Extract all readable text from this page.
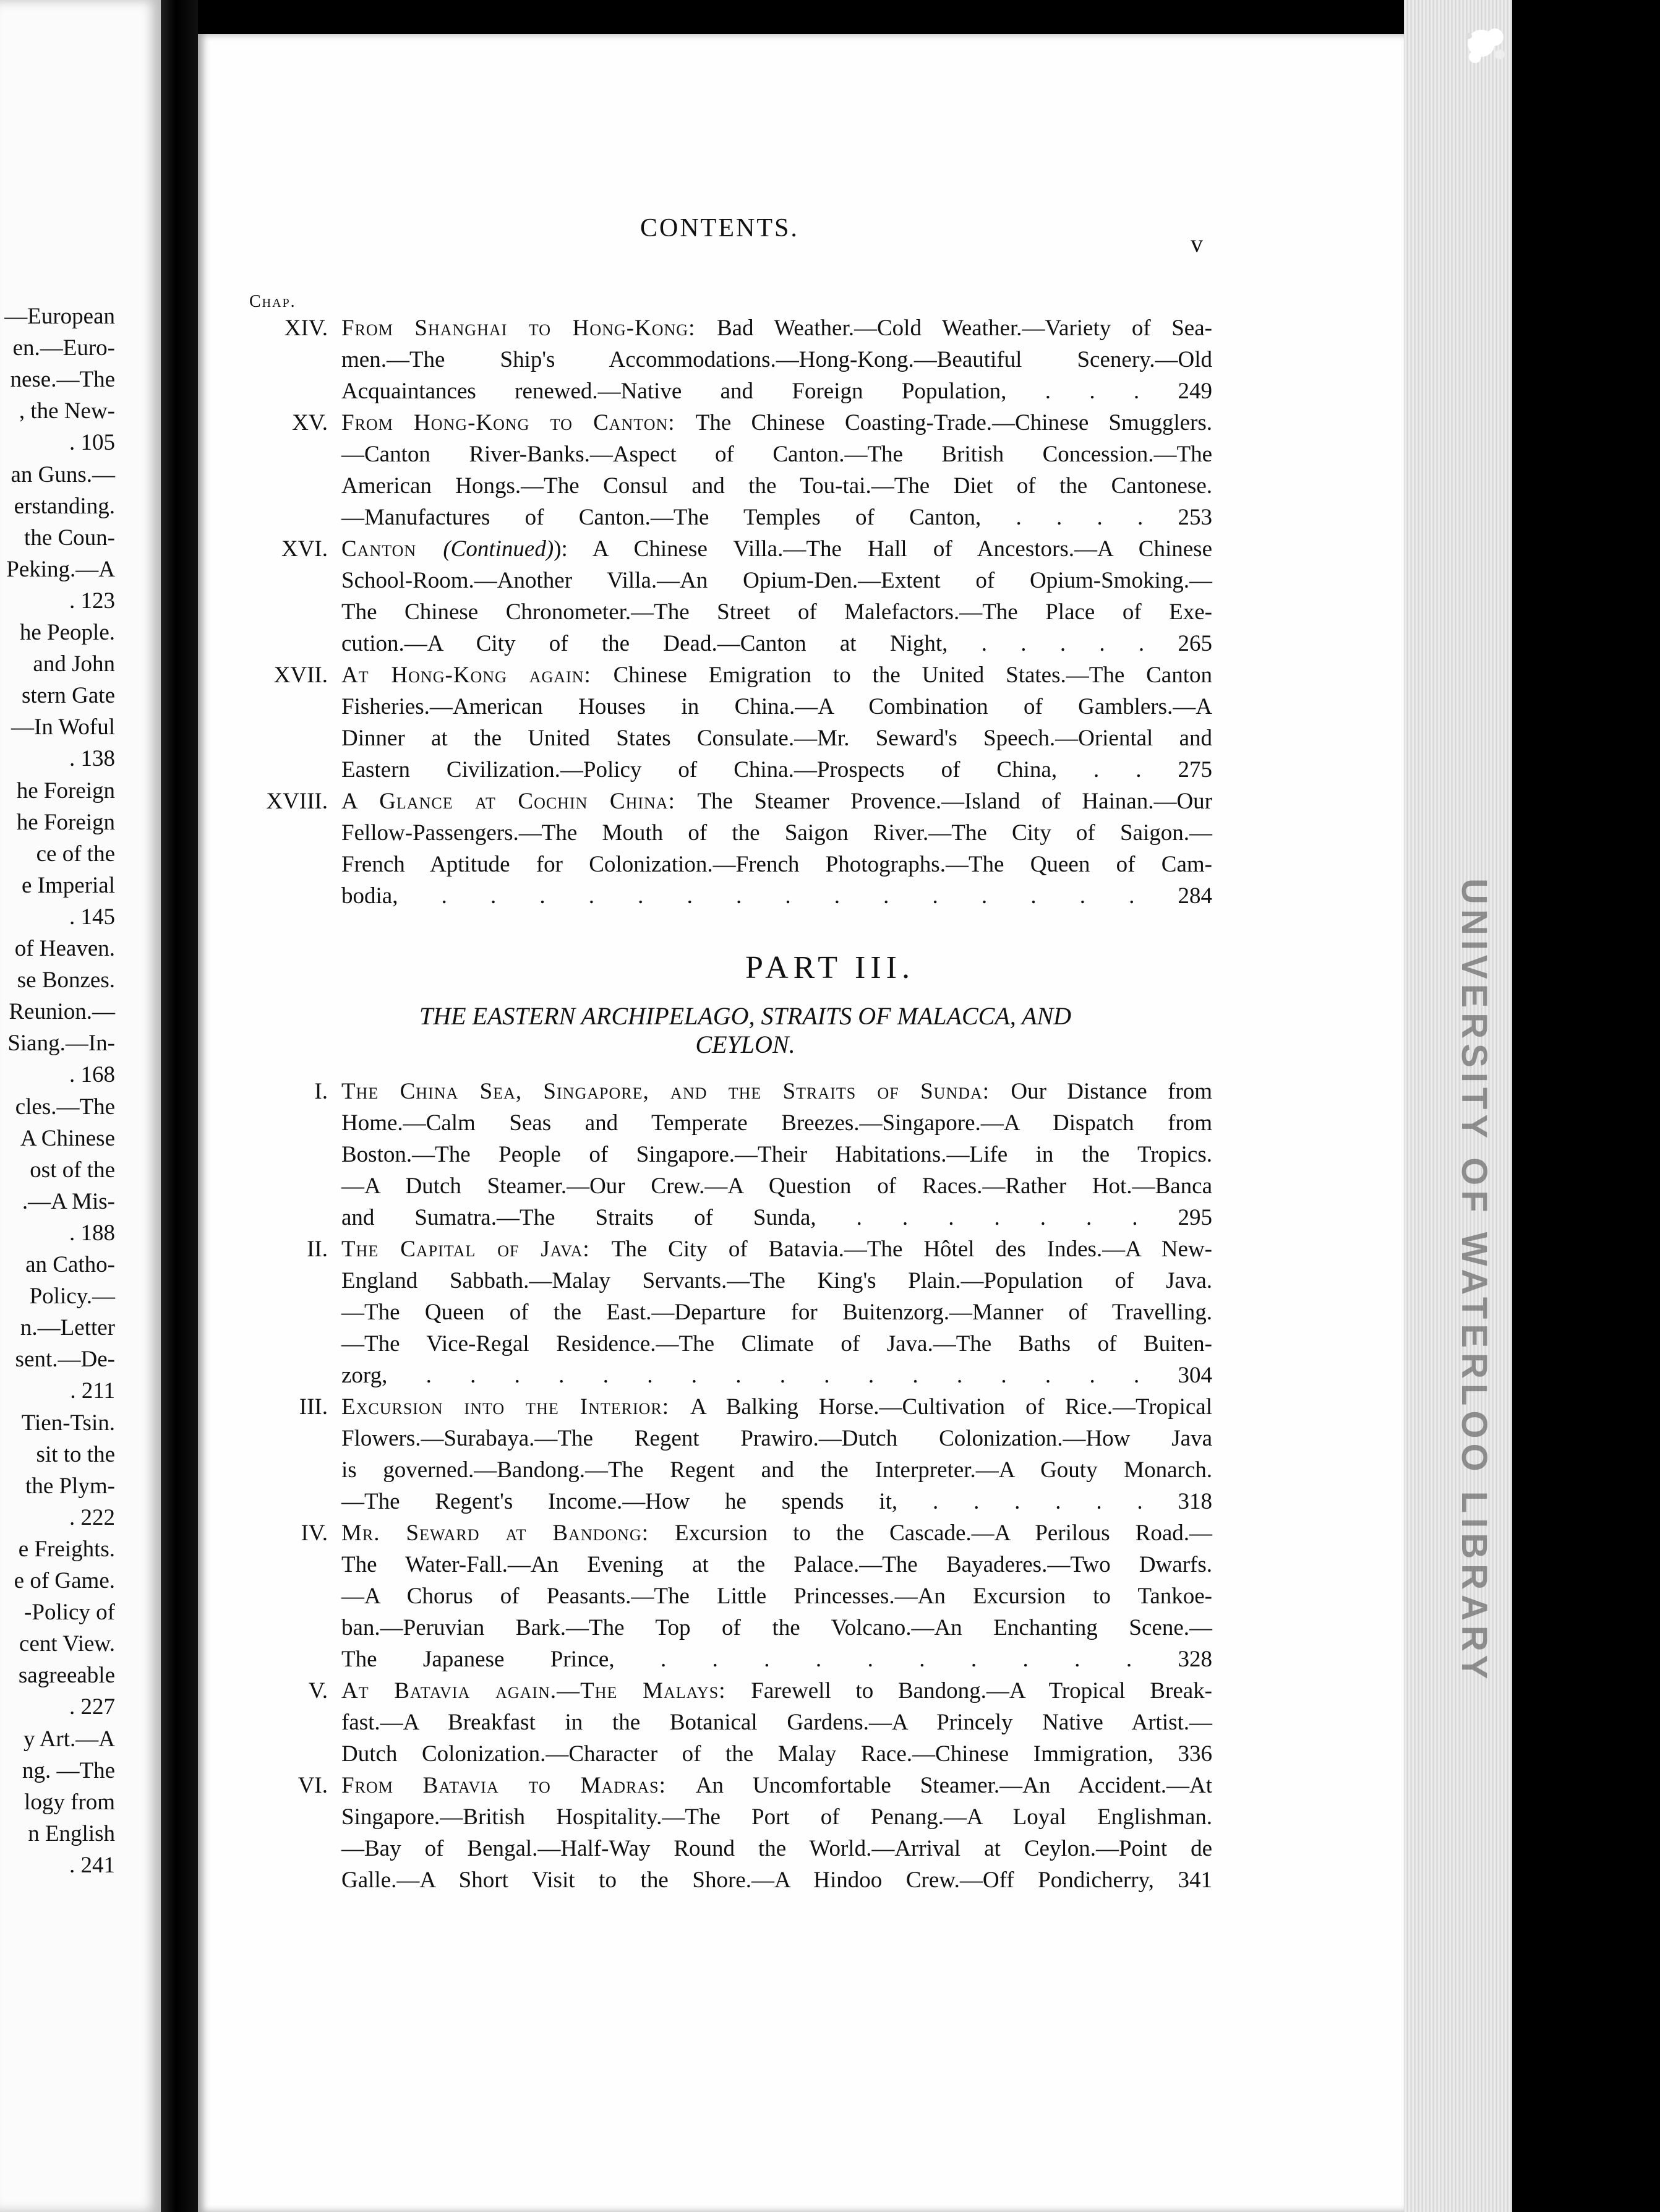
—European

en.—Euro-

nese.—The

, the New-

. 105

an Guns.—

erstanding.

the Coun-

Peking.—A

. 123

he People.

and John

stern Gate

—In Woful

. 138

he Foreign

he Foreign

ce of the

e Imperial

. 145

of Heaven.

se Bonzes.

Reunion.—

Siang.—In-

. 168

cles.—The

A Chinese

ost of the

.—A Mis-

. 188

an Catho-

Policy.—

n.—Letter

sent.—De-

. 211

Tien-Tsin.

sit to the

the Plym-

. 222

e Freights.

e of Game.

-Policy of

cent View.

sagreeable

. 227

y Art.—A

ng. —The

logy from

n English

. 241

UNIVERSITY OF WATERLOO LIBRARY
CONTENTS.

v

Chap.

XIV. From Shanghai to Hong-Kong: Bad Weather.—Cold Weather.—Variety of Sea-

men.—The Ship's Accommodations.—Hong-Kong.—Beautiful Scenery.—Old

Acquaintances renewed.—Native and Foreign Population, . . . 249

XV. From Hong-Kong to Canton: The Chinese Coasting-Trade.—Chinese Smugglers.

—Canton River-Banks.—Aspect of Canton.—The British Concession.—The

American Hongs.—The Consul and the Tou-tai.—The Diet of the Cantonese.

—Manufactures of Canton.—The Temples of Canton, . . . . 253

XVI. Canton (Continued)): A Chinese Villa.—The Hall of Ancestors.—A Chinese

School-Room.—Another Villa.—An Opium-Den.—Extent of Opium-Smoking.—

The Chinese Chronometer.—The Street of Malefactors.—The Place of Exe-

cution.—A City of the Dead.—Canton at Night, . . . . . 265

XVII. At Hong-Kong again: Chinese Emigration to the United States.—The Canton

Fisheries.—American Houses in China.—A Combination of Gamblers.—A

Dinner at the United States Consulate.—Mr. Seward's Speech.—Oriental and

Eastern Civilization.—Policy of China.—Prospects of China, . . 275

XVIII. A Glance at Cochin China: The Steamer Provence.—Island of Hainan.—Our

Fellow-Passengers.—The Mouth of the Saigon River.—The City of Saigon.—

French Aptitude for Colonization.—French Photographs.—The Queen of Cam-

bodia, . . . . . . . . . . . . . . . 284

PART III.
THE EASTERN ARCHIPELAGO, STRAITS OF MALACCA, AND
CEYLON.
I. The China Sea, Singapore, and the Straits of Sunda: Our Distance from

Home.—Calm Seas and Temperate Breezes.—Singapore.—A Dispatch from

Boston.—The People of Singapore.—Their Habitations.—Life in the Tropics.

—A Dutch Steamer.—Our Crew.—A Question of Races.—Rather Hot.—Banca

and Sumatra.—The Straits of Sunda, . . . . . . . 295

II. The Capital of Java: The City of Batavia.—The Hôtel des Indes.—A New-

England Sabbath.—Malay Servants.—The King's Plain.—Population of Java.

—The Queen of the East.—Departure for Buitenzorg.—Manner of Travelling.

—The Vice-Regal Residence.—The Climate of Java.—The Baths of Buiten-

zorg, . . . . . . . . . . . . . . . . . 304

III. Excursion into the Interior: A Balking Horse.—Cultivation of Rice.—Tropical

Flowers.—Surabaya.—The Regent Prawiro.—Dutch Colonization.—How Java

is governed.—Bandong.—The Regent and the Interpreter.—A Gouty Monarch.

—The Regent's Income.—How he spends it, . . . . . . 318

IV. Mr. Seward at Bandong: Excursion to the Cascade.—A Perilous Road.—

The Water-Fall.—An Evening at the Palace.—The Bayaderes.—Two Dwarfs.

—A Chorus of Peasants.—The Little Princesses.—An Excursion to Tankoe-

ban.—Peruvian Bark.—The Top of the Volcano.—An Enchanting Scene.—

The Japanese Prince, . . . . . . . . . . 328

V. At Batavia again.—The Malays: Farewell to Bandong.—A Tropical Break-

fast.—A Breakfast in the Botanical Gardens.—A Princely Native Artist.—

Dutch Colonization.—Character of the Malay Race.—Chinese Immigration, 336

VI. From Batavia to Madras: An Uncomfortable Steamer.—An Accident.—At

Singapore.—British Hospitality.—The Port of Penang.—A Loyal Englishman.

—Bay of Bengal.—Half-Way Round the World.—Arrival at Ceylon.—Point de

Galle.—A Short Visit to the Shore.—A Hindoo Crew.—Off Pondicherry, 341
